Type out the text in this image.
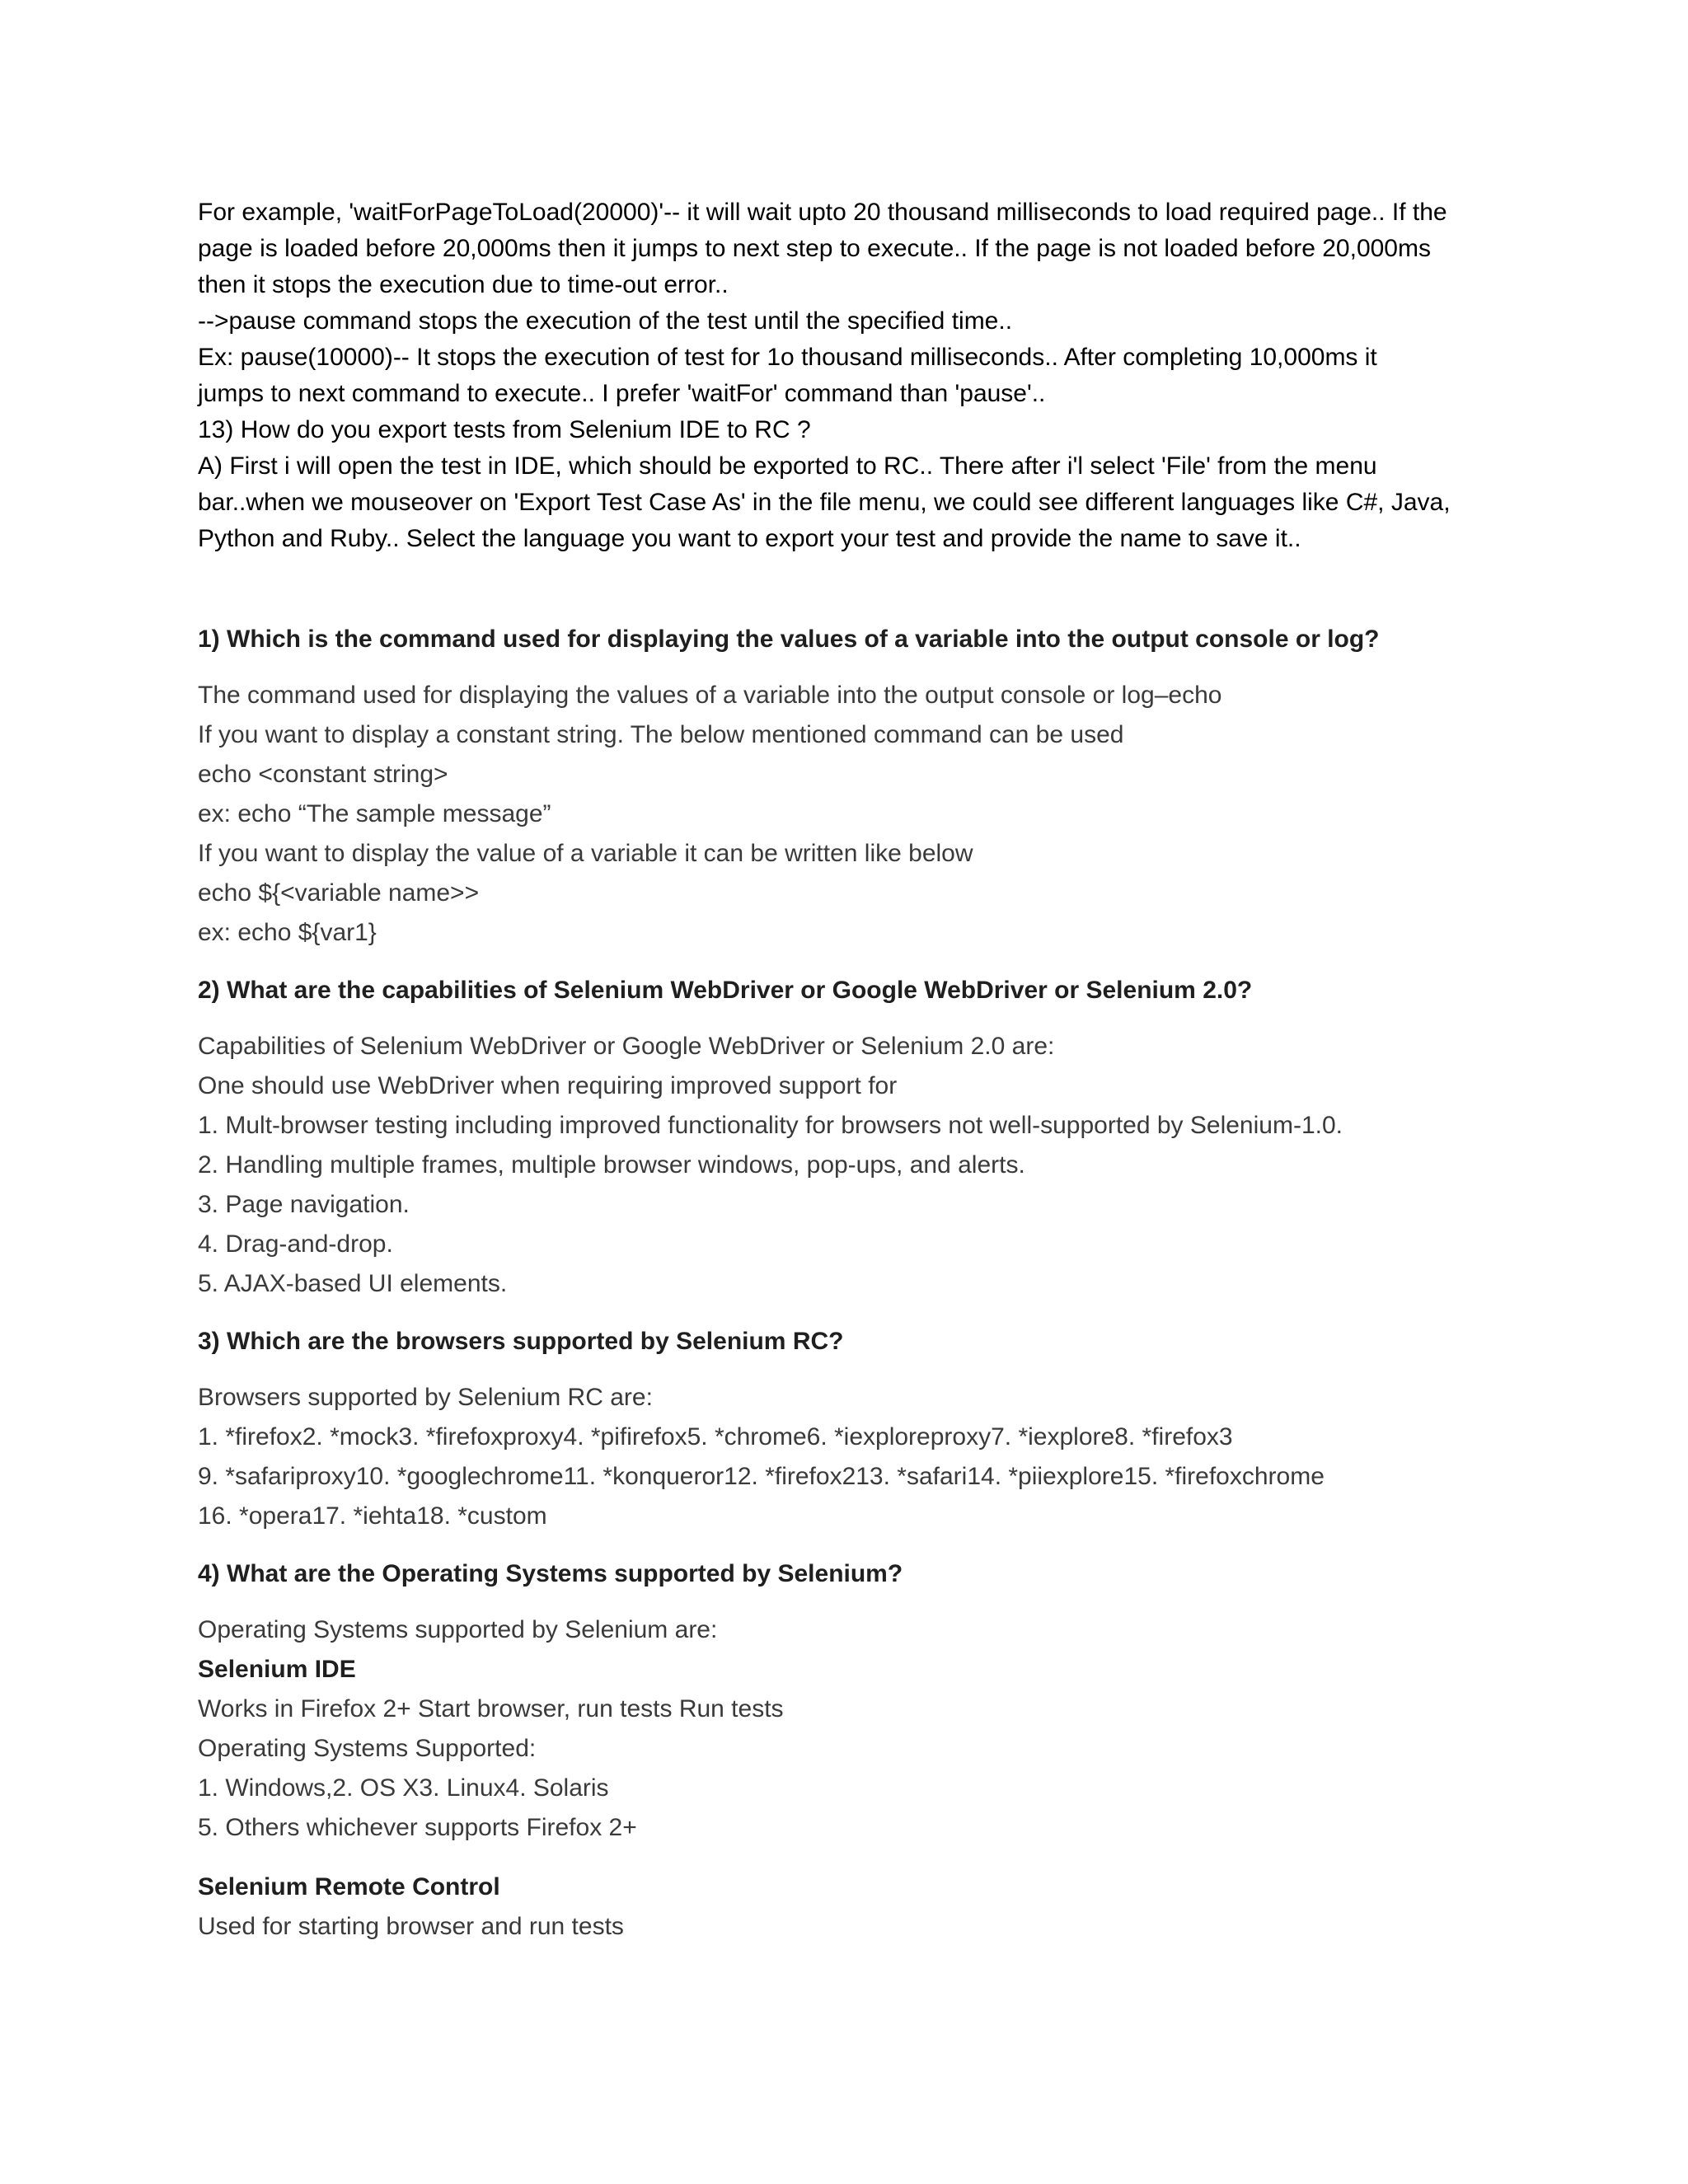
For example, 'waitForPageToLoad(20000)'-- it will wait upto 20 thousand milliseconds to load required page.. If the

page is loaded before 20,000ms then it jumps to next step to execute.. If the page is not loaded before 20,000ms

then it stops the execution due to time-out error..

-->pause command stops the execution of the test until the specified time..

Ex: pause(10000)-- It stops the execution of test for 1o thousand milliseconds.. After completing 10,000ms it

jumps to next command to execute.. I prefer 'waitFor' command than 'pause'..

13) How do you export tests from Selenium IDE to RC ?

A) First i will open the test in IDE, which should be exported to RC.. There after i'l select 'File' from the menu

bar..when we mouseover on 'Export Test Case As' in the file menu, we could see different languages like C#, Java,

Python and Ruby.. Select the language you want to export your test and provide the name to save it..

1) Which is the command used for displaying the values of a variable into the output console or log?

The command used for displaying the values of a variable into the output console or log–echo

If you want to display a constant string. The below mentioned command can be used

echo <constant string>

ex: echo “The sample message”

If you want to display the value of a variable it can be written like below

echo ${<variable name>>

ex: echo ${var1}

2) What are the capabilities of Selenium WebDriver or Google WebDriver or Selenium 2.0?

Capabilities of Selenium WebDriver or Google WebDriver or Selenium 2.0 are:

One should use WebDriver when requiring improved support for

1. Mult-browser testing including improved functionality for browsers not well-supported by Selenium-1.0.

2. Handling multiple frames, multiple browser windows, pop-ups, and alerts.

3. Page navigation.

4. Drag-and-drop.

5. AJAX-based UI elements.

3) Which are the browsers supported by Selenium RC?

Browsers supported by Selenium RC are:

1. *firefox2. *mock3. *firefoxproxy4. *pifirefox5. *chrome6. *iexploreproxy7. *iexplore8. *firefox3

9. *safariproxy10. *googlechrome11. *konqueror12. *firefox213. *safari14. *piiexplore15. *firefoxchrome

16. *opera17. *iehta18. *custom

4) What are the Operating Systems supported by Selenium?

Operating Systems supported by Selenium are:

Selenium IDE

Works in Firefox 2+ Start browser, run tests Run tests

Operating Systems Supported:

1. Windows,2. OS X3. Linux4. Solaris

5. Others whichever supports Firefox 2+

Selenium Remote Control

Used for starting browser and run tests
